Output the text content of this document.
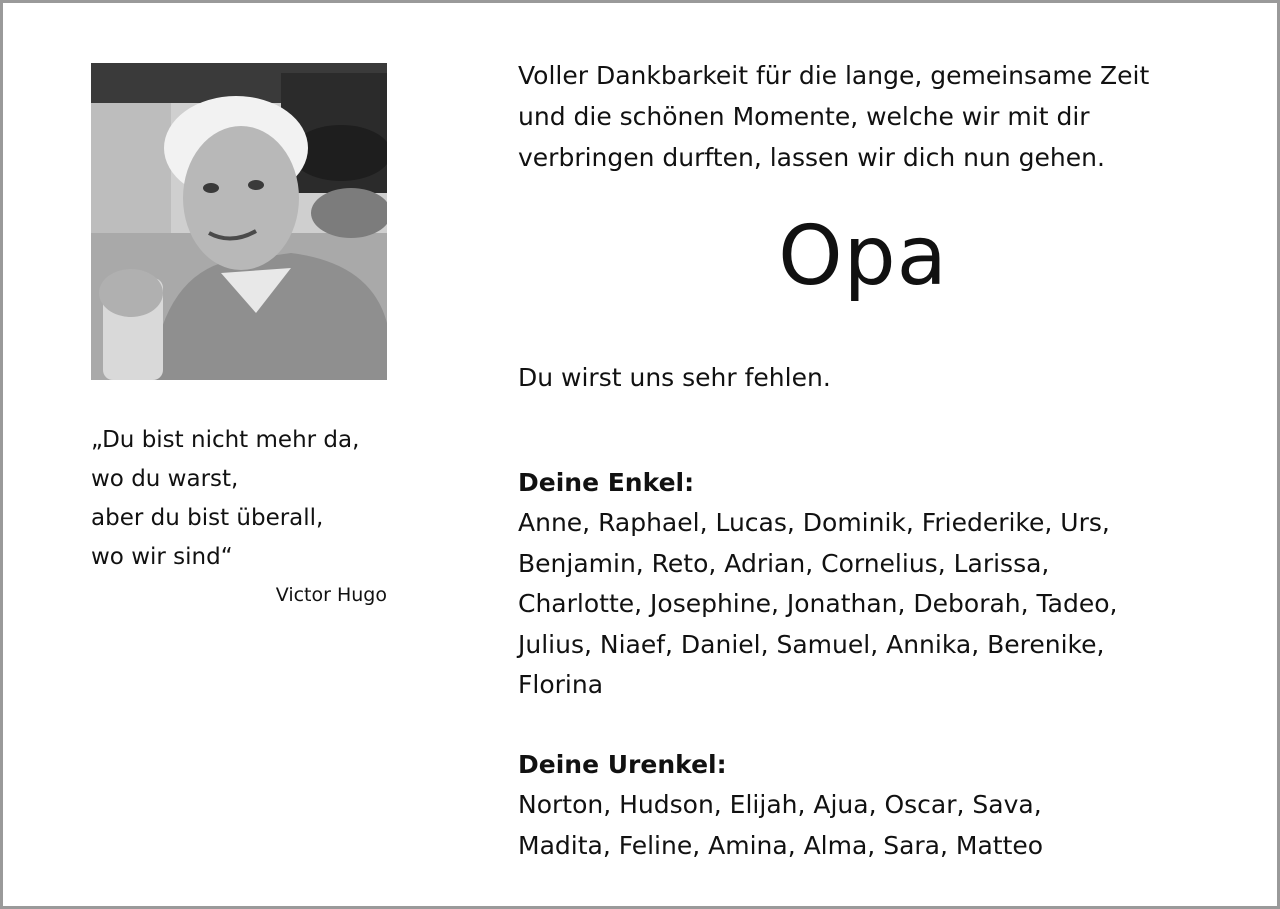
„Du bist nicht mehr da,
wo du warst,
aber du bist überall,
wo wir sind“
Victor Hugo

Voller Dankbarkeit für die lange, gemeinsame Zeit
und die schönen Momente, welche wir mit dir
verbringen durften, lassen wir dich nun gehen.

Opa
Du wirst uns sehr fehlen.
Deine Enkel:
Anne, Raphael, Lucas, Dominik, Friederike, Urs,
Benjamin, Reto, Adrian, Cornelius, Larissa,
Charlotte, Josephine, Jonathan, Deborah, Tadeo,
Julius, Niaef, Daniel, Samuel, Annika, Berenike,
Florina
Deine Urenkel:
Norton, Hudson, Elijah, Ajua, Oscar, Sava,
Madita, Feline, Amina, Alma, Sara, Matteo
